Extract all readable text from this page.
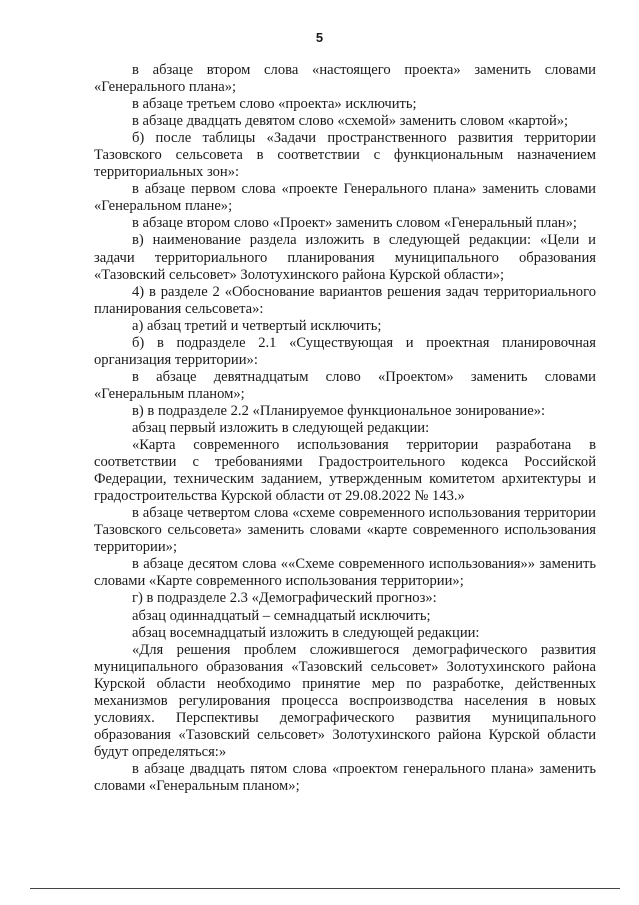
5

в абзаце втором слова «настоящего проекта» заменить словами «Генерального плана»;

в абзаце третьем слово «проекта» исключить;

в абзаце двадцать девятом слово «схемой» заменить словом «картой»;

б) после таблицы «Задачи пространственного развития территории Тазовского сельсовета в соответствии с функциональным назначением территориальных зон»:

в абзаце первом слова «проекте Генерального плана» заменить словами «Генеральном плане»;

в абзаце втором слово «Проект» заменить словом «Генеральный план»;

в) наименование раздела изложить в следующей редакции: «Цели и задачи территориального планирования муниципального образования «Тазовский сельсовет» Золотухинского района Курской области»;

4) в разделе 2 «Обоснование вариантов решения задач территориального планирования сельсовета»:

а) абзац третий и четвертый исключить;

б) в подразделе 2.1 «Существующая и проектная планировочная организация территории»:

в абзаце девятнадцатым слово «Проектом» заменить словами «Генеральным планом»;

в) в подразделе 2.2 «Планируемое функциональное зонирование»:

абзац первый изложить в следующей редакции:

«Карта современного использования территории разработана в соответствии с требованиями Градостроительного кодекса Российской Федерации, техническим заданием, утвержденным комитетом архитектуры и градостроительства Курской области от 29.08.2022 № 143.»

в абзаце четвертом слова «схеме современного использования территории Тазовского сельсовета» заменить словами «карте современного использования территории»;

в абзаце десятом слова ««Схеме современного использования»» заменить словами «Карте современного использования территории»;

г) в подразделе 2.3 «Демографический прогноз»:

абзац одиннадцатый – семнадцатый исключить;

абзац восемнадцатый изложить в следующей редакции:

«Для решения проблем сложившегося демографического развития муниципального образования «Тазовский сельсовет» Золотухинского района Курской области необходимо принятие мер по разработке, действенных механизмов регулирования процесса воспроизводства населения в новых условиях. Перспективы демографического развития муниципального образования «Тазовский сельсовет» Золотухинского района Курской области будут определяться:»

в абзаце двадцать пятом слова «проектом генерального плана» заменить словами «Генеральным планом»;
